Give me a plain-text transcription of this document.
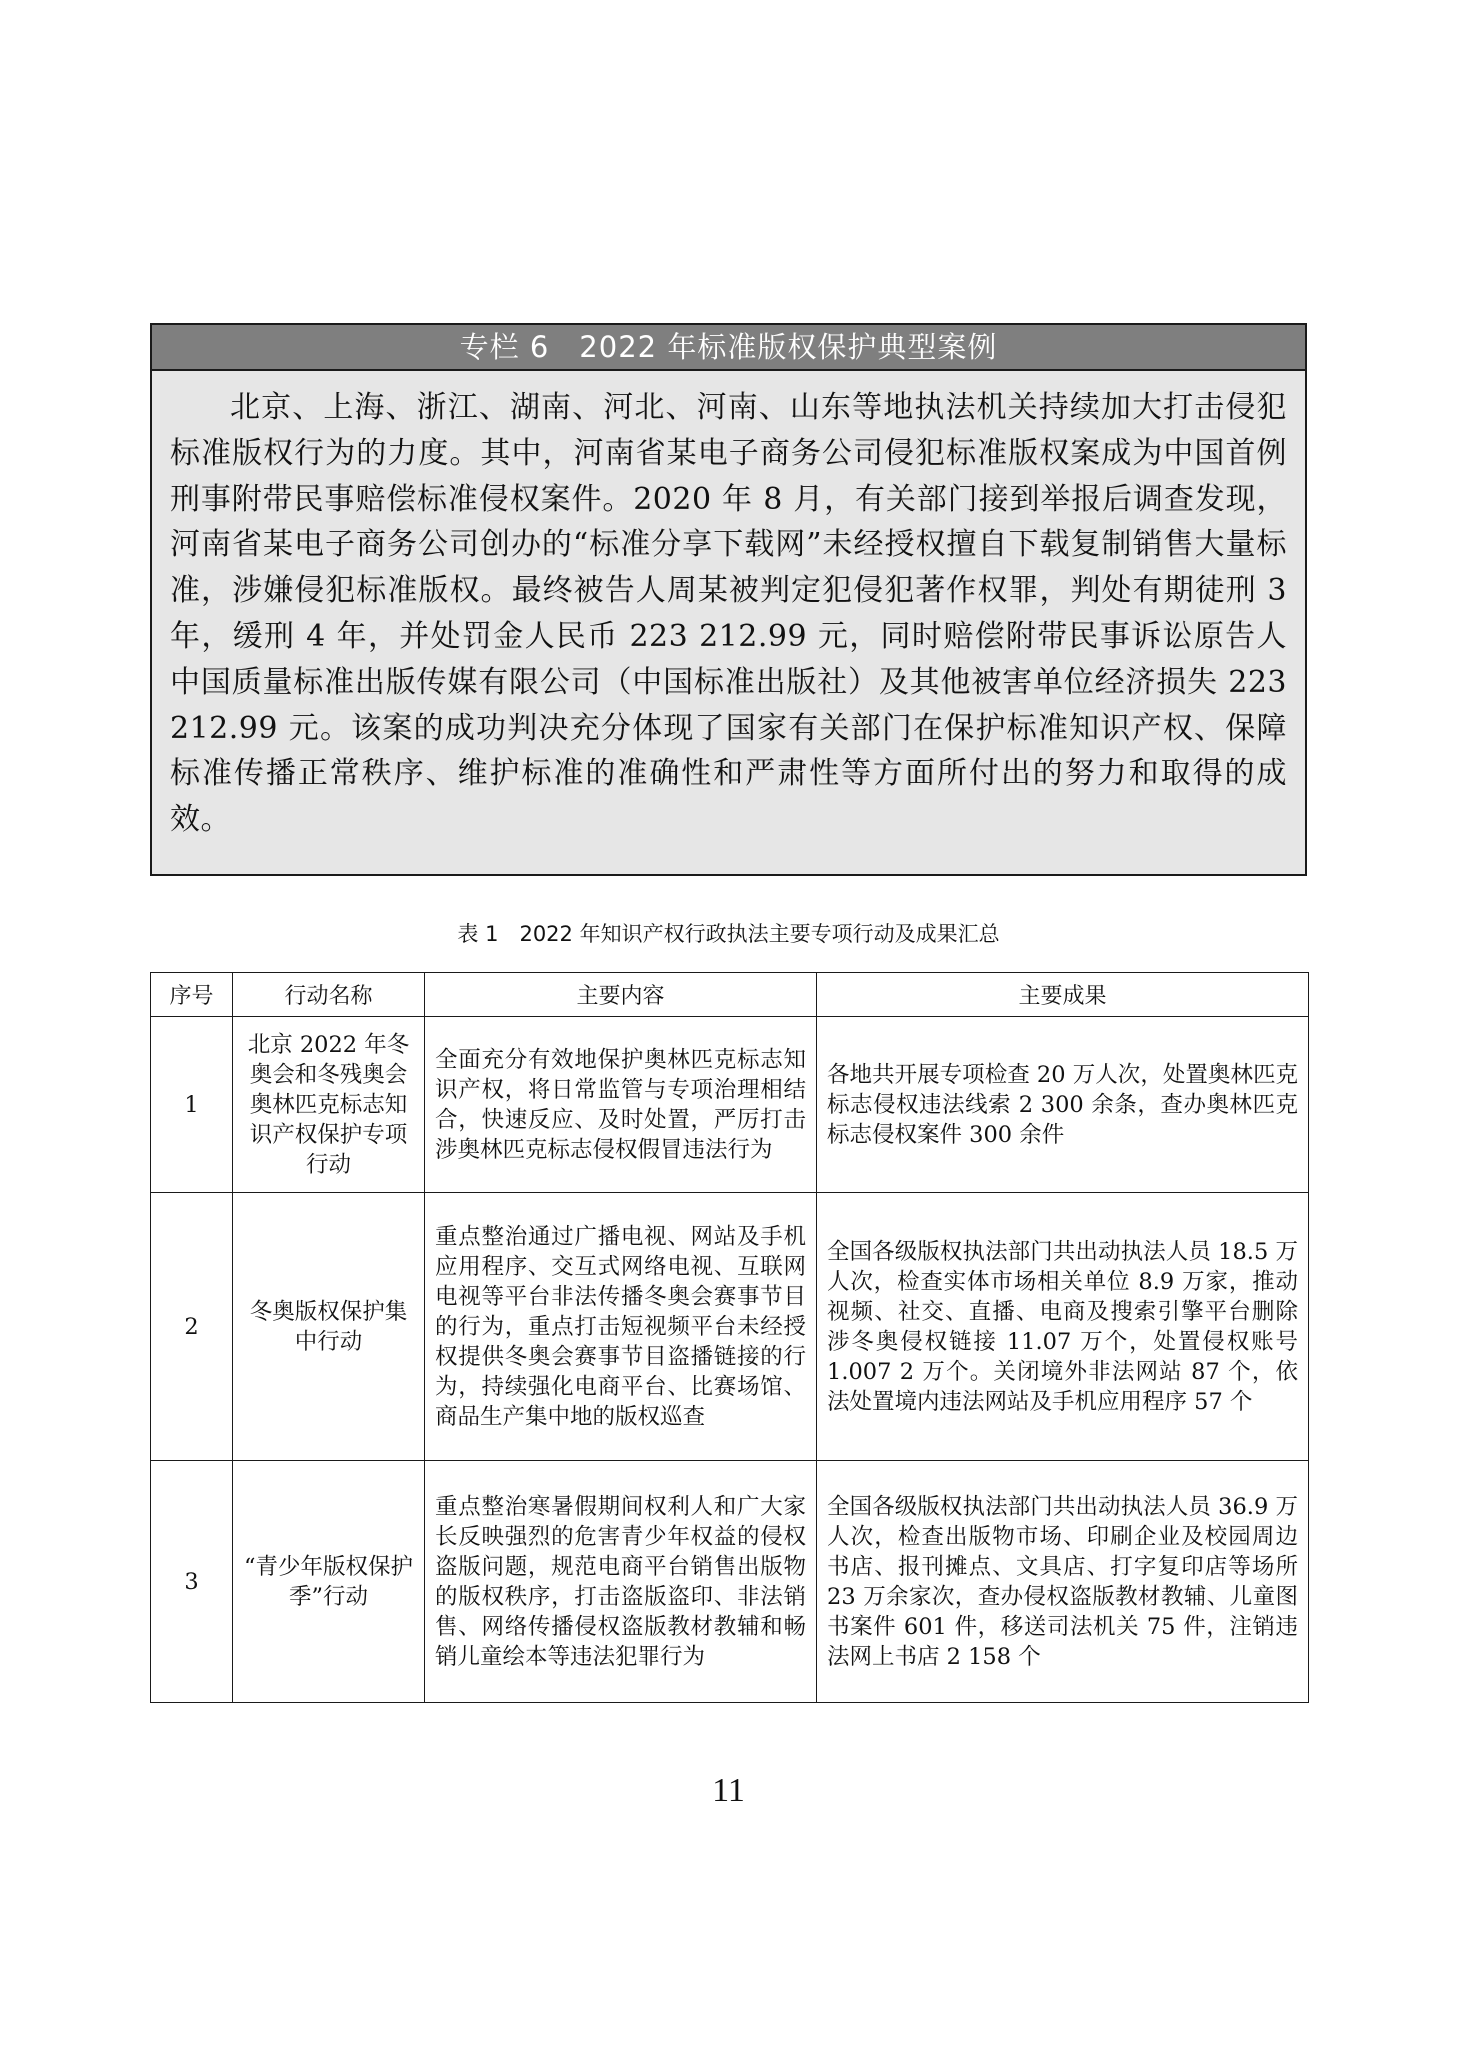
专栏 6　2022 年标准版权保护典型案例
北京、上海、浙江、湖南、河北、河南、山东等地执法机关持续加大打击侵犯标准版权行为的力度。其中，河南省某电子商务公司侵犯标准版权案成为中国首例刑事附带民事赔偿标准侵权案件。2020 年 8 月，有关部门接到举报后调查发现，河南省某电子商务公司创办的“标准分享下载网”未经授权擅自下载复制销售大量标准，涉嫌侵犯标准版权。最终被告人周某被判定犯侵犯著作权罪，判处有期徒刑 3 年，缓刑 4 年，并处罚金人民币 223 212.99 元，同时赔偿附带民事诉讼原告人中国质量标准出版传媒有限公司（中国标准出版社）及其他被害单位经济损失 223 212.99 元。该案的成功判决充分体现了国家有关部门在保护标准知识产权、保障标准传播正常秩序、维护标准的准确性和严肃性等方面所付出的努力和取得的成效。
表 1　2022 年知识产权行政执法主要专项行动及成果汇总
序号	行动名称	主要内容	主要成果
1	北京 2022 年冬奥会和冬残奥会奥林匹克标志知识产权保护专项行动	全面充分有效地保护奥林匹克标志知识产权，将日常监管与专项治理相结合，快速反应、及时处置，严厉打击涉奥林匹克标志侵权假冒违法行为	各地共开展专项检查 20 万人次，处置奥林匹克标志侵权违法线索 2 300 余条，查办奥林匹克标志侵权案件 300 余件
2	冬奥版权保护集中行动	重点整治通过广播电视、网站及手机应用程序、交互式网络电视、互联网电视等平台非法传播冬奥会赛事节目的行为，重点打击短视频平台未经授权提供冬奥会赛事节目盗播链接的行为，持续强化电商平台、比赛场馆、商品生产集中地的版权巡查	全国各级版权执法部门共出动执法人员 18.5 万人次，检查实体市场相关单位 8.9 万家，推动视频、社交、直播、电商及搜索引擎平台删除涉冬奥侵权链接 11.07 万个，处置侵权账号 1.007 2 万个。关闭境外非法网站 87 个，依法处置境内违法网站及手机应用程序 57 个
3	“青少年版权保护季”行动	重点整治寒暑假期间权利人和广大家长反映强烈的危害青少年权益的侵权盗版问题，规范电商平台销售出版物的版权秩序，打击盗版盗印、非法销售、网络传播侵权盗版教材教辅和畅销儿童绘本等违法犯罪行为	全国各级版权执法部门共出动执法人员 36.9 万人次，检查出版物市场、印刷企业及校园周边书店、报刊摊点、文具店、打字复印店等场所 23 万余家次，查办侵权盗版教材教辅、儿童图书案件 601 件，移送司法机关 75 件，注销违法网上书店 2 158 个
11
